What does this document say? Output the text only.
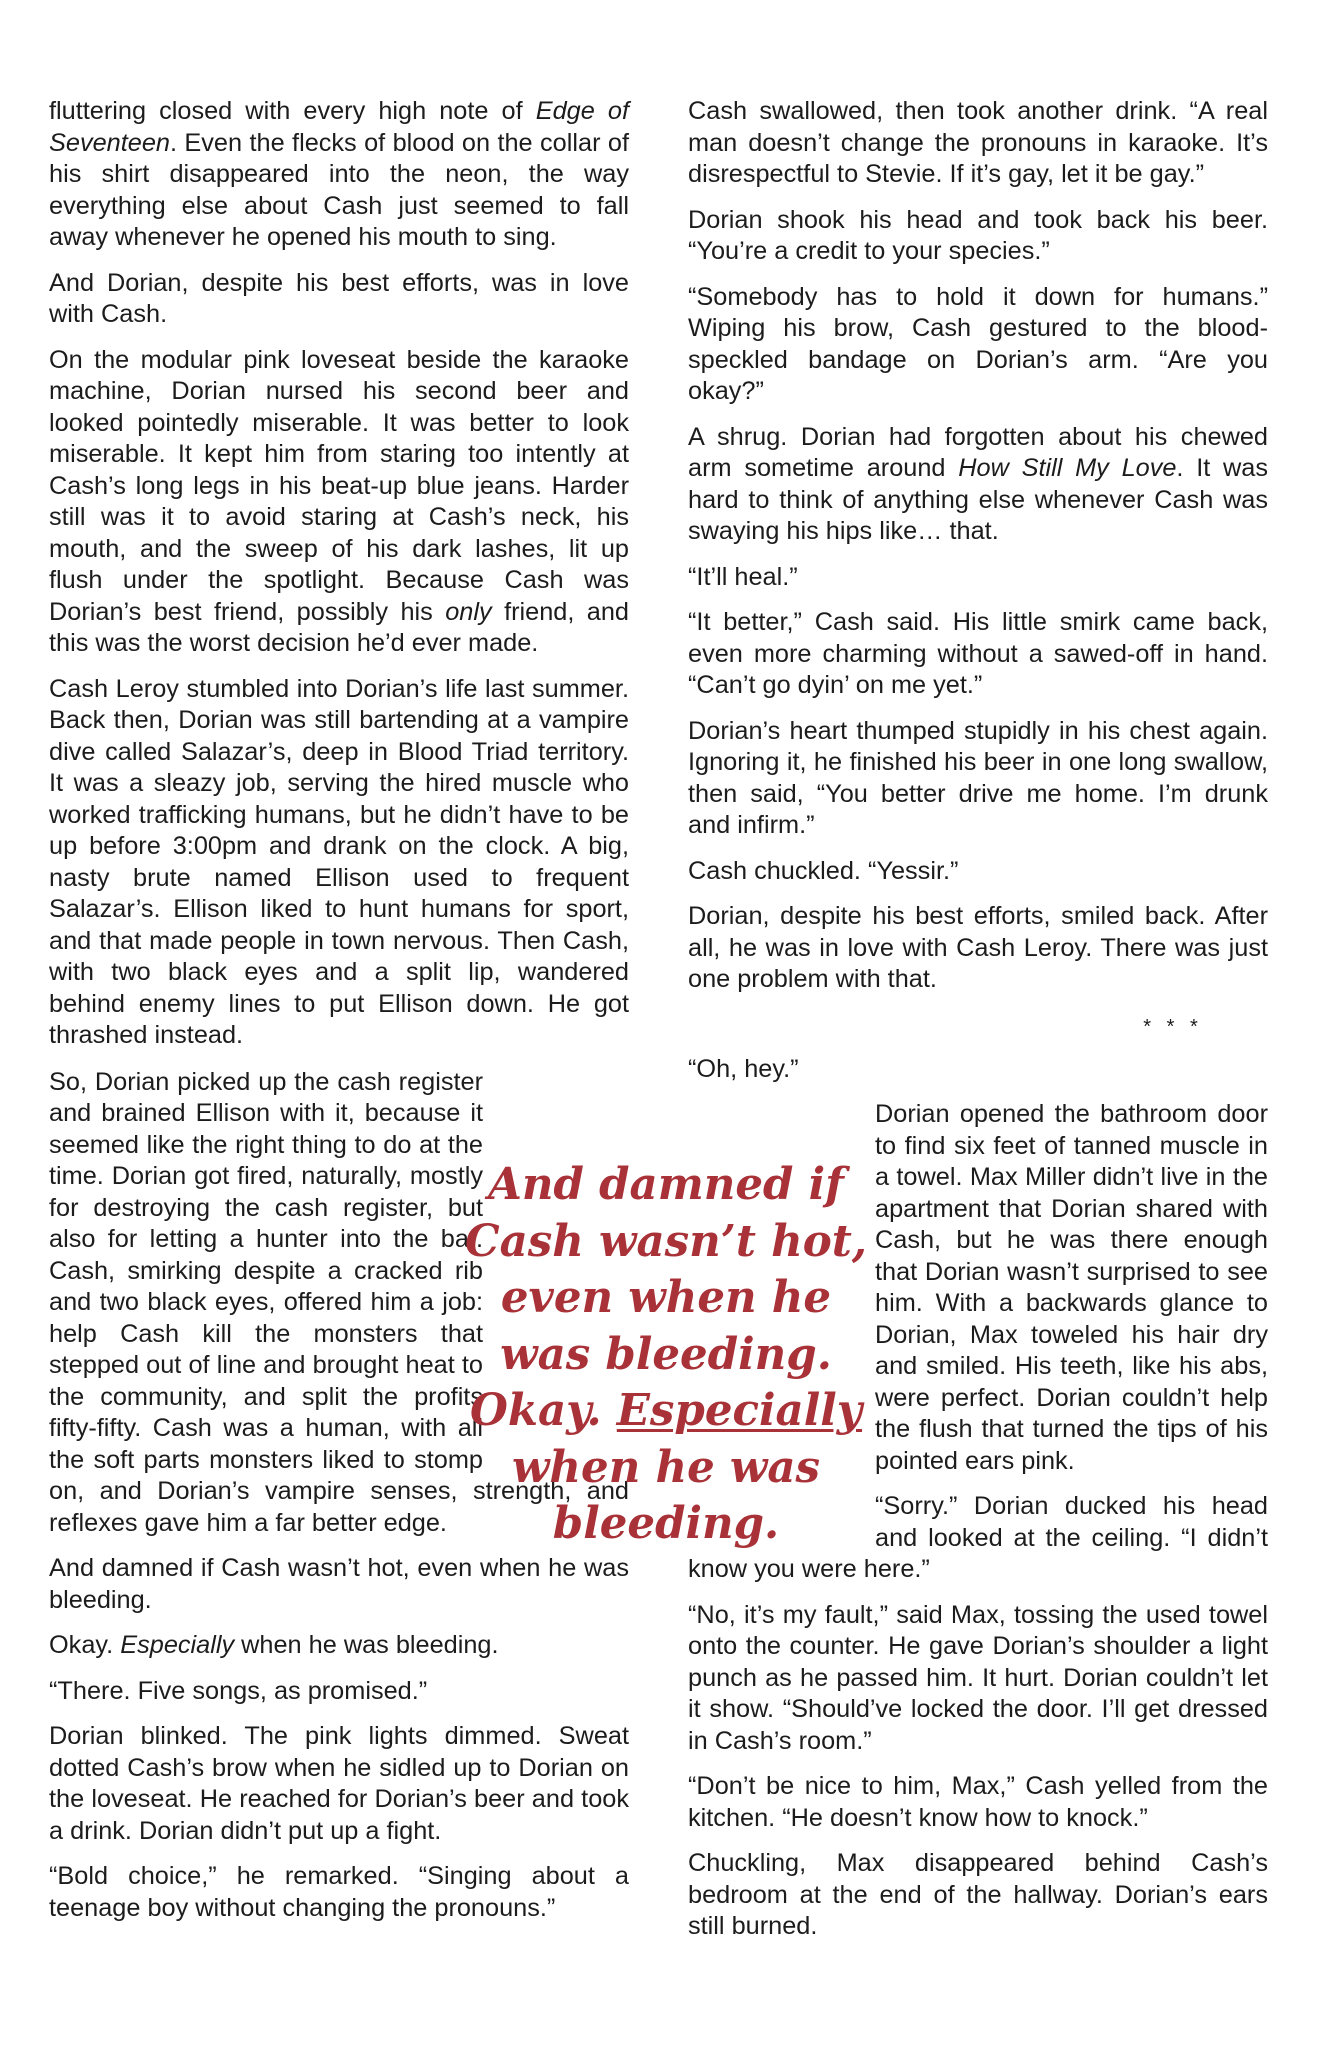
fluttering closed with every high note of Edge of Seventeen. Even the flecks of blood on the collar of his shirt disappeared into the neon, the way everything else about Cash just seemed to fall away whenever he opened his mouth to sing.

And Dorian, despite his best efforts, was in love with Cash.

On the modular pink loveseat beside the karaoke machine, Dorian nursed his second beer and looked pointedly miserable. It was better to look miserable. It kept him from staring too intently at Cash’s long legs in his beat-up blue jeans. Harder still was it to avoid staring at Cash’s neck, his mouth, and the sweep of his dark lashes, lit up flush under the spotlight. Because Cash was Dorian’s best friend, possibly his only friend, and this was the worst decision he’d ever made.

Cash Leroy stumbled into Dorian’s life last summer. Back then, Dorian was still bartending at a vampire dive called Salazar’s, deep in Blood Triad territory. It was a sleazy job, serving the hired muscle who worked trafficking humans, but he didn’t have to be up before 3:00pm and drank on the clock. A big, nasty brute named Ellison used to frequent Salazar’s. Ellison liked to hunt humans for sport, and that made people in town nervous. Then Cash, with two black eyes and a split lip, wandered behind enemy lines to put Ellison down. He got thrashed instead.

So, Dorian picked up the cash register and brained Ellison with it, because it seemed like the right thing to do at the time. Dorian got fired, naturally, mostly for destroying the cash register, but also for letting a hunter into the bar. Cash, smirking despite a cracked rib and two black eyes, offered him a job: help Cash kill the monsters that stepped out of line and brought heat to the community, and split the profits fifty-fifty. Cash was a human, with all the soft parts monsters liked to stomp on, and Dorian’s vampire senses, strength, and reflexes gave him a far better edge.

And damned if Cash wasn’t hot, even when he was bleeding.

Okay. Especially when he was bleeding.

“There. Five songs, as promised.”

Dorian blinked. The pink lights dimmed. Sweat dotted Cash’s brow when he sidled up to Dorian on the loveseat. He reached for Dorian’s beer and took a drink. Dorian didn’t put up a fight.

“Bold choice,” he remarked. “Singing about a teenage boy without changing the pronouns.”

Cash swallowed, then took another drink. “A real man doesn’t change the pronouns in karaoke. It’s disrespectful to Stevie. If it’s gay, let it be gay.”

Dorian shook his head and took back his beer. “You’re a credit to your species.”

“Somebody has to hold it down for humans.” Wiping his brow, Cash gestured to the blood-speckled bandage on Dorian’s arm. “Are you okay?”

A shrug. Dorian had forgotten about his chewed arm sometime around How Still My Love. It was hard to think of anything else whenever Cash was swaying his hips like… that.

“It’ll heal.”

“It better,” Cash said. His little smirk came back, even more charming without a sawed-off in hand. “Can’t go dyin’ on me yet.”

Dorian’s heart thumped stupidly in his chest again. Ignoring it, he finished his beer in one long swallow, then said, “You better drive me home. I’m drunk and infirm.”

Cash chuckled. “Yessir.”

Dorian, despite his best efforts, smiled back. After all, he was in love with Cash Leroy. There was just one problem with that.

* * *

“Oh, hey.”

Dorian opened the bathroom door to find six feet of tanned muscle in a towel. Max Miller didn’t live in the apartment that Dorian shared with Cash, but he was there enough that Dorian wasn’t surprised to see him. With a backwards glance to Dorian, Max toweled his hair dry and smiled. His teeth, like his abs, were perfect. Dorian couldn’t help the flush that turned the tips of his pointed ears pink.

“Sorry.” Dorian ducked his head and looked at the ceiling. “I didn’t know you were here.”

“No, it’s my fault,” said Max, tossing the used towel onto the counter. He gave Dorian’s shoulder a light punch as he passed him. It hurt. Dorian couldn’t let it show. “Should’ve locked the door. I’ll get dressed in Cash’s room.”

“Don’t be nice to him, Max,” Cash yelled from the kitchen. “He doesn’t know how to knock.”

Chuckling, Max disappeared behind Cash’s bedroom at the end of the hallway. Dorian’s ears still burned.

And damned if Cash wasn’t hot, even when he was bleeding. Okay. Especially when he was bleeding.
